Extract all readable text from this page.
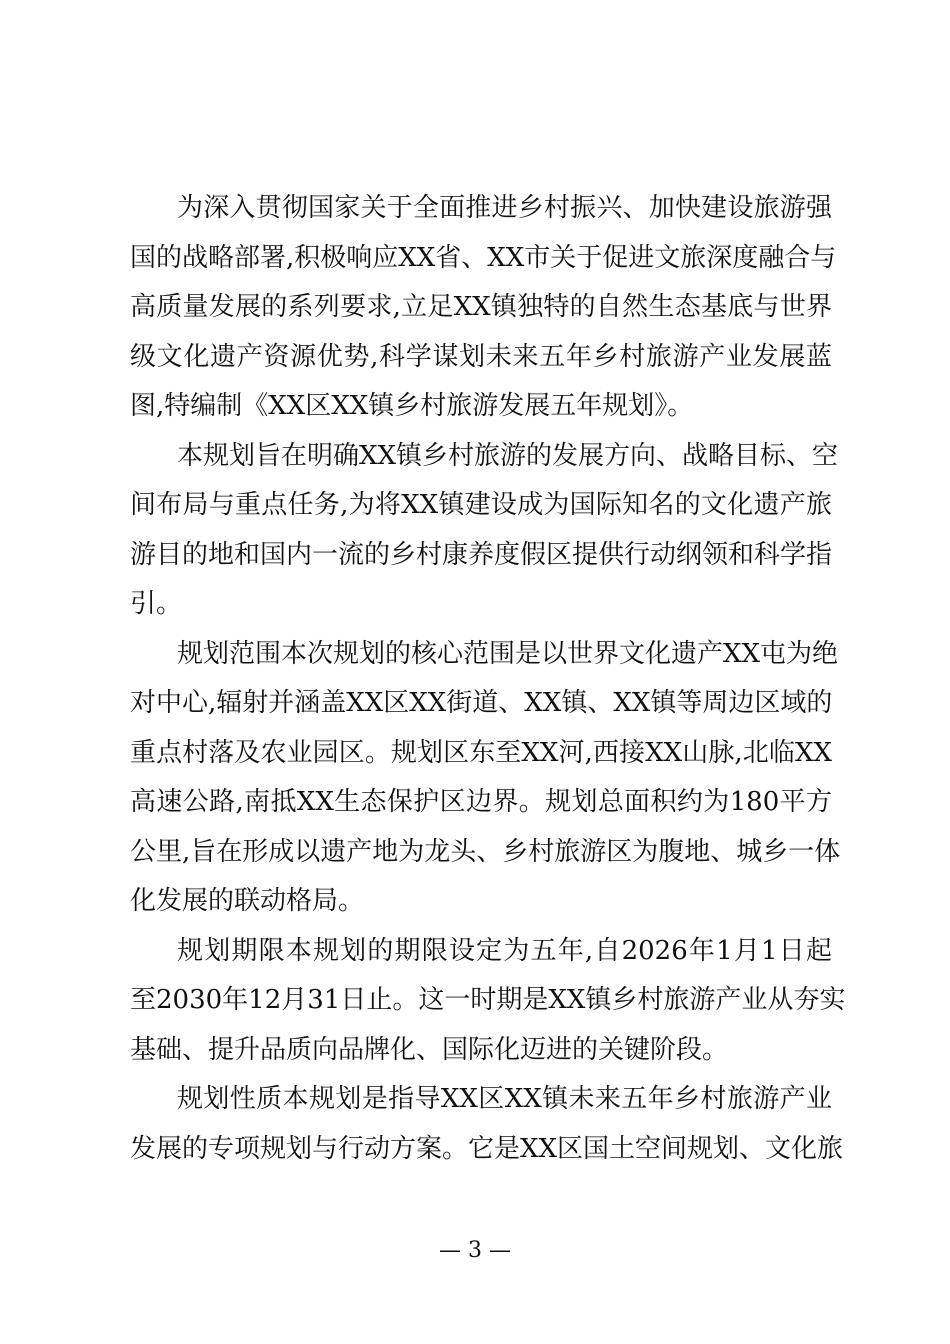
为深入贯彻国家关于全面推进乡村振兴、加快建设旅游强
国的战略部署,积极响应XX省、XX市关于促进文旅深度融合与
高质量发展的系列要求,立足XX镇独特的自然生态基底与世界
级文化遗产资源优势,科学谋划未来五年乡村旅游产业发展蓝
图,特编制《XX区XX镇乡村旅游发展五年规划》。
本规划旨在明确XX镇乡村旅游的发展方向、战略目标、空
间布局与重点任务,为将XX镇建设成为国际知名的文化遗产旅
游目的地和国内一流的乡村康养度假区提供行动纲领和科学指
引。
规划范围本次规划的核心范围是以世界文化遗产XX屯为绝
对中心,辐射并涵盖XX区XX街道、XX镇、XX镇等周边区域的
重点村落及农业园区。规划区东至XX河,西接XX山脉,北临XX
高速公路,南抵XX生态保护区边界。规划总面积约为180平方
公里,旨在形成以遗产地为龙头、乡村旅游区为腹地、城乡一体
化发展的联动格局。
规划期限本规划的期限设定为五年,自2026年1月1日起
至2030年12月31日止。这一时期是XX镇乡村旅游产业从夯实
基础、提升品质向品牌化、国际化迈进的关键阶段。
规划性质本规划是指导XX区XX镇未来五年乡村旅游产业
发展的专项规划与行动方案。它是XX区国土空间规划、文化旅
— 3 —
